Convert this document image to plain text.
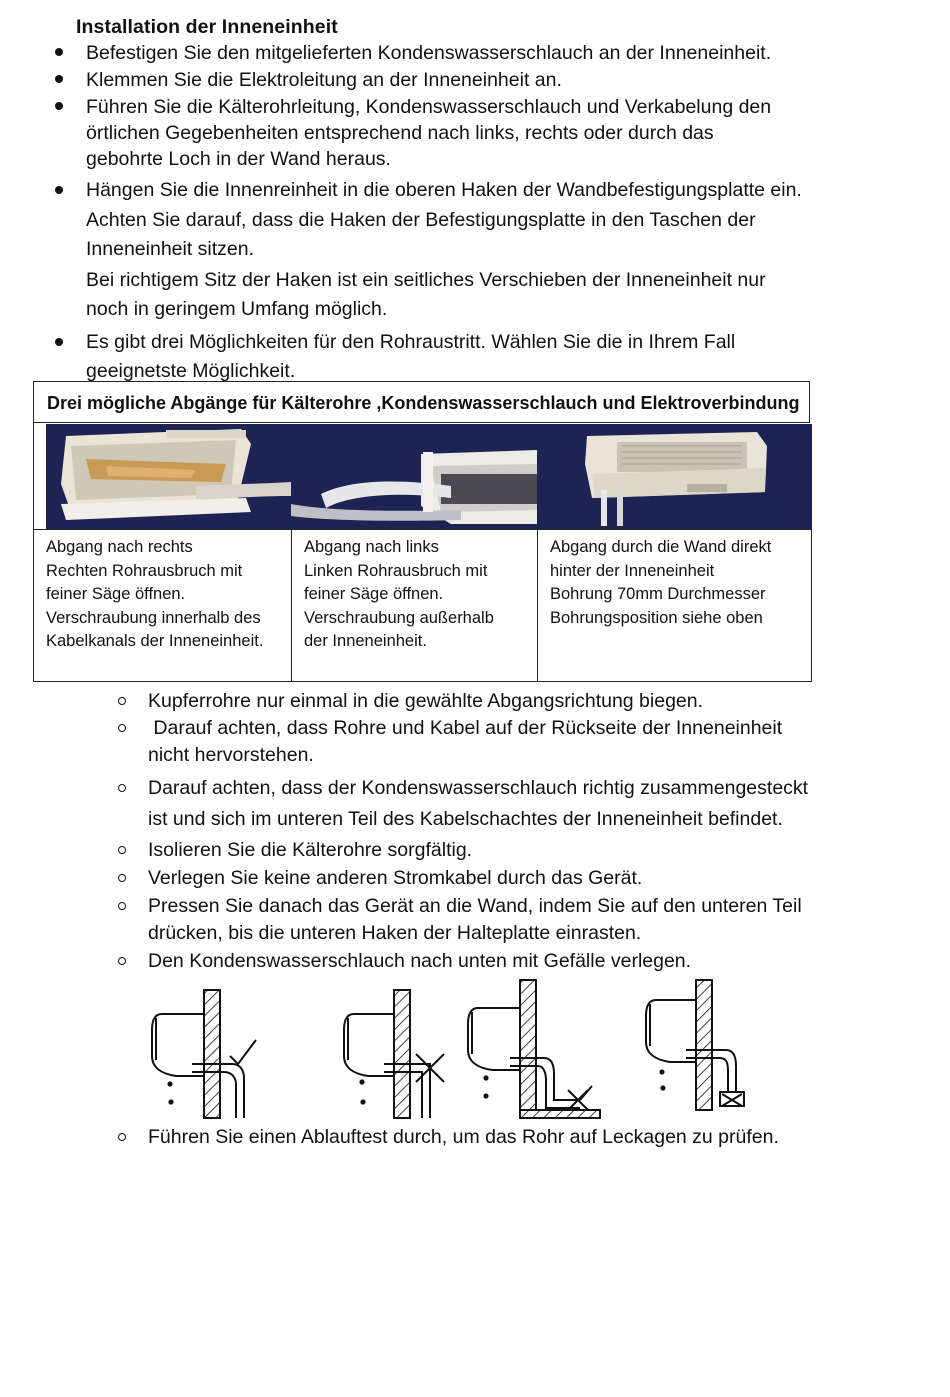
Installation der Inneneinheit
Befestigen Sie den mitgelieferten Kondenswasserschlauch an der Inneneinheit.
Klemmen Sie die Elektroleitung an der Inneneinheit an.
Führen Sie die Kälterohrleitung, Kondenswasserschlauch und Verkabelung den
örtlichen Gegebenheiten entsprechend nach links, rechts oder durch das
gebohrte Loch in der Wand heraus.
Hängen Sie die Innenreinheit in die oberen Haken der Wandbefestigungsplatte ein.
Achten Sie darauf, dass die Haken der Befestigungsplatte in den Taschen der
Inneneinheit sitzen.
Bei richtigem Sitz der Haken ist ein seitliches Verschieben der Inneneinheit nur
noch in geringem Umfang möglich.
Es gibt drei Möglichkeiten für den Rohraustritt. Wählen Sie die in Ihrem Fall
geeignetste Möglichkeit.
Drei mögliche Abgänge für Kälterohre ,Kondenswasserschlauch und Elektroverbindung
Abgang nach rechts
Rechten Rohrausbruch mit
feiner Säge öffnen.
Verschraubung innerhalb des
Kabelkanals der Inneneinheit.
Abgang nach links
Linken Rohrausbruch mit
feiner Säge öffnen.
Verschraubung außerhalb
der Inneneinheit.
Abgang durch die Wand direkt
hinter der Inneneinheit
Bohrung 70mm Durchmesser
Bohrungsposition siehe oben
Kupferrohre nur einmal in die gewählte Abgangsrichtung biegen.
Darauf achten, dass Rohre und Kabel auf der Rückseite der Inneneinheit
nicht hervorstehen.
Darauf achten, dass der Kondenswasserschlauch richtig zusammengesteckt
ist und sich im unteren Teil des Kabelschachtes der Inneneinheit befindet.
Isolieren Sie die Kälterohre sorgfältig.
Verlegen Sie keine anderen Stromkabel durch das Gerät.
Pressen Sie danach das Gerät an die Wand, indem Sie auf den unteren Teil
drücken, bis die unteren Haken der Halteplatte einrasten.
Den Kondenswasserschlauch nach unten mit Gefälle verlegen.
Führen Sie einen Ablauftest durch, um das Rohr auf Leckagen zu prüfen.
